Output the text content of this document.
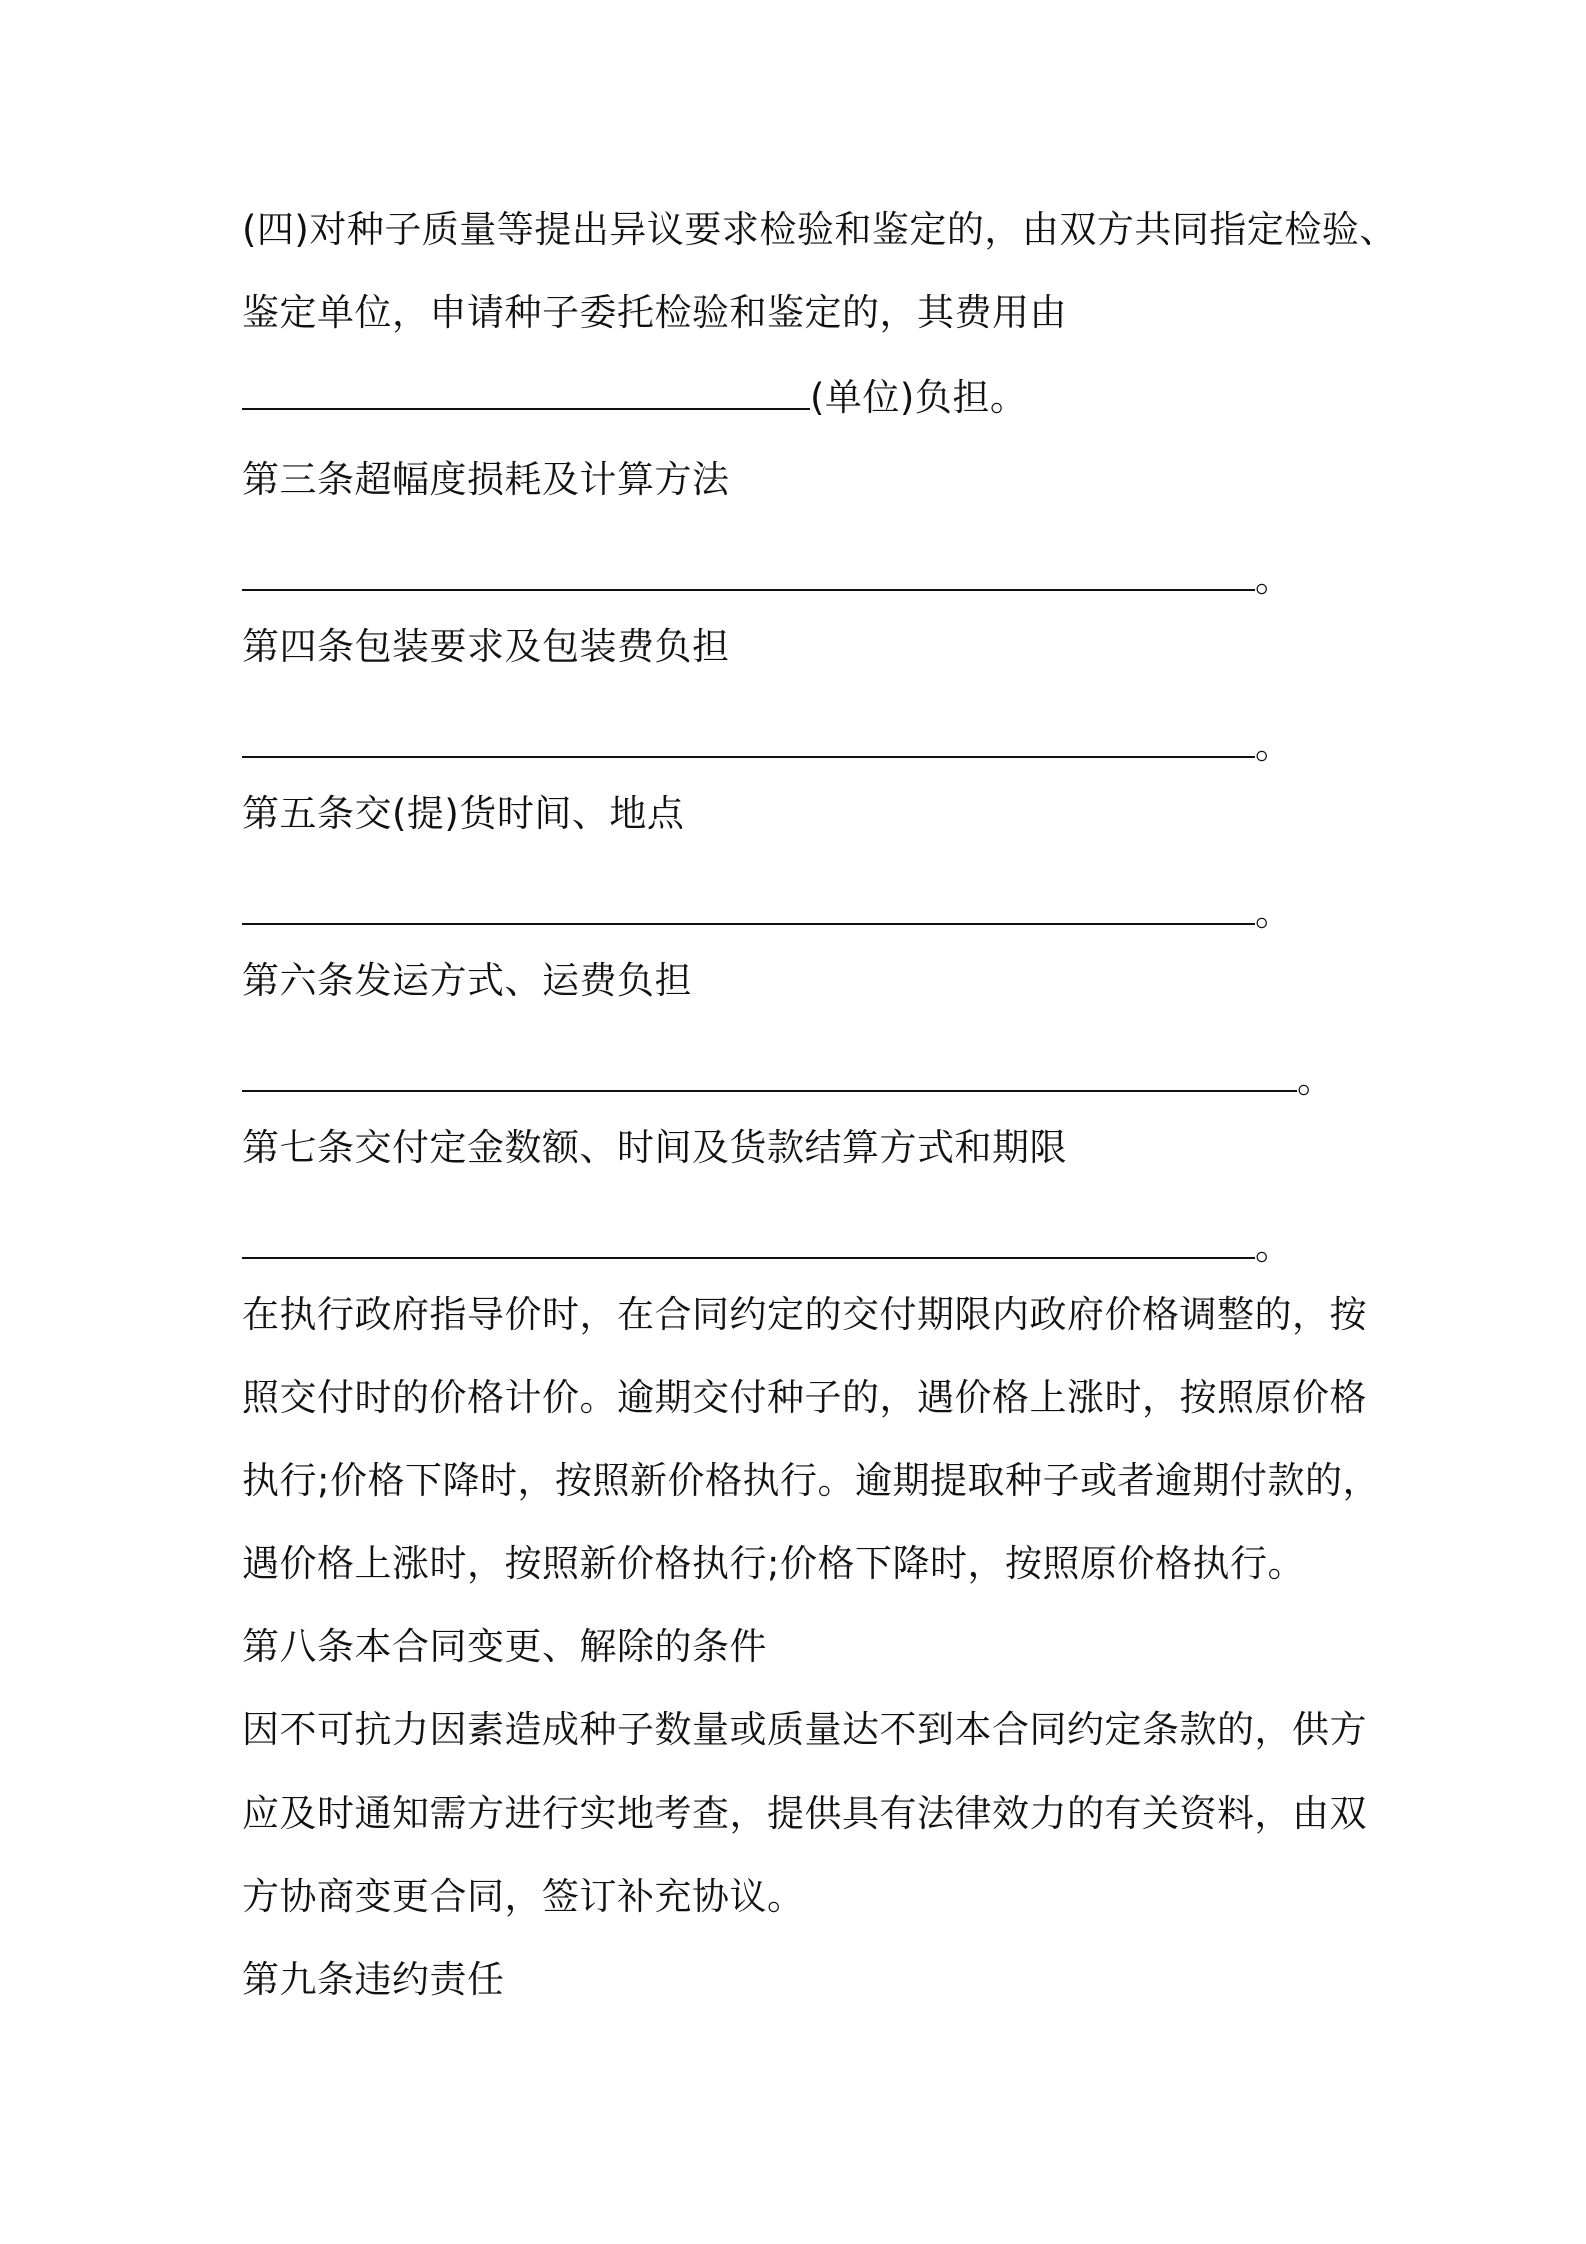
(四)对种子质量等提出异议要求检验和鉴定的，由双方共同指定检验、
鉴定单位，申请种子委托检验和鉴定的，其费用由
(单位)负担。
第三条超幅度损耗及计算方法
。
第四条包装要求及包装费负担
。
第五条交(提)货时间、地点
。
第六条发运方式、运费负担
。
第七条交付定金数额、时间及货款结算方式和期限
。
在执行政府指导价时，在合同约定的交付期限内政府价格调整的，按
照交付时的价格计价。逾期交付种子的，遇价格上涨时，按照原价格
执行;价格下降时，按照新价格执行。逾期提取种子或者逾期付款的，
遇价格上涨时，按照新价格执行;价格下降时，按照原价格执行。
第八条本合同变更、解除的条件
因不可抗力因素造成种子数量或质量达不到本合同约定条款的，供方
应及时通知需方进行实地考查，提供具有法律效力的有关资料，由双
方协商变更合同，签订补充协议。
第九条违约责任
